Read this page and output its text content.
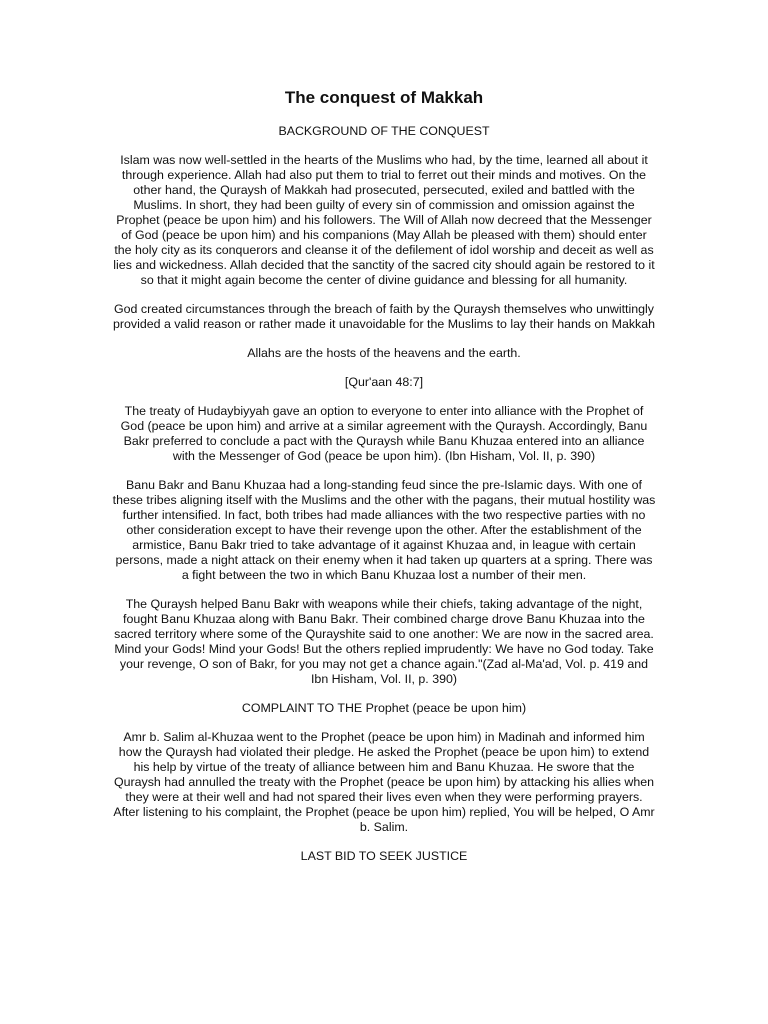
The conquest of Makkah

BACKGROUND OF THE CONQUEST

Islam was now well-settled in the hearts of the Muslims who had, by the time, learned all about it through experience. Allah had also put them to trial to ferret out their minds and motives. On the other hand, the Quraysh of Makkah had prosecuted, persecuted, exiled and battled with the Muslims. In short, they had been guilty of every sin of commission and omission against the Prophet (peace be upon him) and his followers. The Will of Allah now decreed that the Messenger of God (peace be upon him) and his companions (May Allah be pleased with them) should enter the holy city as its conquerors and cleanse it of the defilement of idol worship and deceit as well as lies and wickedness. Allah decided that the sanctity of the sacred city should again be restored to it so that it might again become the center of divine guidance and blessing for all humanity.

God created circumstances through the breach of faith by the Quraysh themselves who unwittingly provided a valid reason or rather made it unavoidable for the Muslims to lay their hands on Makkah

Allahs are the hosts of the heavens and the earth.

[Qur'aan 48:7]

The treaty of Hudaybiyyah gave an option to everyone to enter into alliance with the Prophet of God (peace be upon him) and arrive at a similar agreement with the Quraysh. Accordingly, Banu Bakr preferred to conclude a pact with the Quraysh while Banu Khuzaa entered into an alliance with the Messenger of God (peace be upon him). (Ibn Hisham, Vol. II, p. 390)

Banu Bakr and Banu Khuzaa had a long-standing feud since the pre-Islamic days. With one of these tribes aligning itself with the Muslims and the other with the pagans, their mutual hostility was further intensified. In fact, both tribes had made alliances with the two respective parties with no other consideration except to have their revenge upon the other. After the establishment of the armistice, Banu Bakr tried to take advantage of it against Khuzaa and, in league with certain persons, made a night attack on their enemy when it had taken up quarters at a spring. There was a fight between the two in which Banu Khuzaa lost a number of their men.

The Quraysh helped Banu Bakr with weapons while their chiefs, taking advantage of the night, fought Banu Khuzaa along with Banu Bakr. Their combined charge drove Banu Khuzaa into the sacred territory where some of the Qurayshite said to one another: We are now in the sacred area. Mind your Gods! Mind your Gods! But the others replied imprudently: We have no God today. Take your revenge, O son of Bakr, for you may not get a chance again."(Zad al-Ma'ad, Vol. p. 419 and Ibn Hisham, Vol. II, p. 390)

COMPLAINT TO THE Prophet (peace be upon him)

Amr b. Salim al-Khuzaa went to the Prophet (peace be upon him) in Madinah and informed him how the Quraysh had violated their pledge. He asked the Prophet (peace be upon him) to extend his help by virtue of the treaty of alliance between him and Banu Khuzaa. He swore that the Quraysh had annulled the treaty with the Prophet (peace be upon him) by attacking his allies when they were at their well and had not spared their lives even when they were performing prayers. After listening to his complaint, the Prophet (peace be upon him) replied, You will be helped, O Amr b. Salim.

LAST BID TO SEEK JUSTICE
